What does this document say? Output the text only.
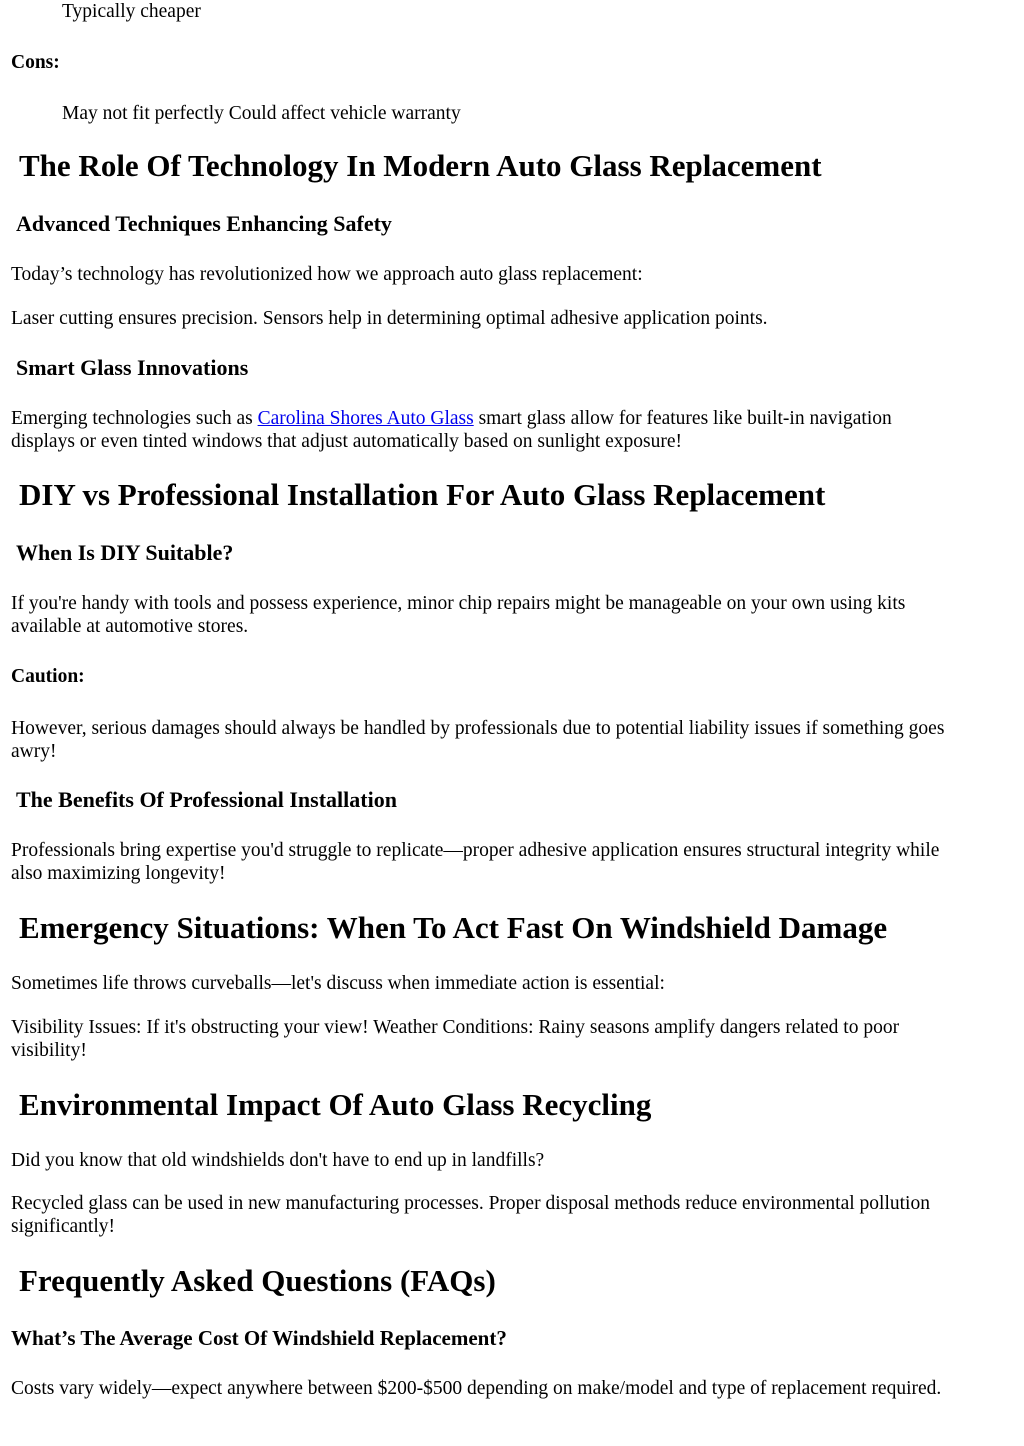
Typically cheaper

Cons:

May not fit perfectly Could affect vehicle warranty

The Role Of Technology In Modern Auto Glass Replacement
Advanced Techniques Enhancing Safety

Today’s technology has revolutionized how we approach auto glass replacement:

Laser cutting ensures precision. Sensors help in determining optimal adhesive application points.

Smart Glass Innovations

Emerging technologies such as Carolina Shores Auto Glass smart glass allow for features like built-in navigation

displays or even tinted windows that adjust automatically based on sunlight exposure!

DIY vs Professional Installation For Auto Glass Replacement
When Is DIY Suitable?

If you're handy with tools and possess experience, minor chip repairs might be manageable on your own using kits

available at automotive stores.

Caution:

However, serious damages should always be handled by professionals due to potential liability issues if something goes

awry!

The Benefits Of Professional Installation

Professionals bring expertise you'd struggle to replicate—proper adhesive application ensures structural integrity while

also maximizing longevity!

Emergency Situations: When To Act Fast On Windshield Damage

Sometimes life throws curveballs—let's discuss when immediate action is essential:

Visibility Issues: If it's obstructing your view! Weather Conditions: Rainy seasons amplify dangers related to poor

visibility!

Environmental Impact Of Auto Glass Recycling

Did you know that old windshields don't have to end up in landfills?

Recycled glass can be used in new manufacturing processes. Proper disposal methods reduce environmental pollution

significantly!

Frequently Asked Questions (FAQs)
What’s The Average Cost Of Windshield Replacement?

Costs vary widely—expect anywhere between $200-$500 depending on make/model and type of replacement required.
